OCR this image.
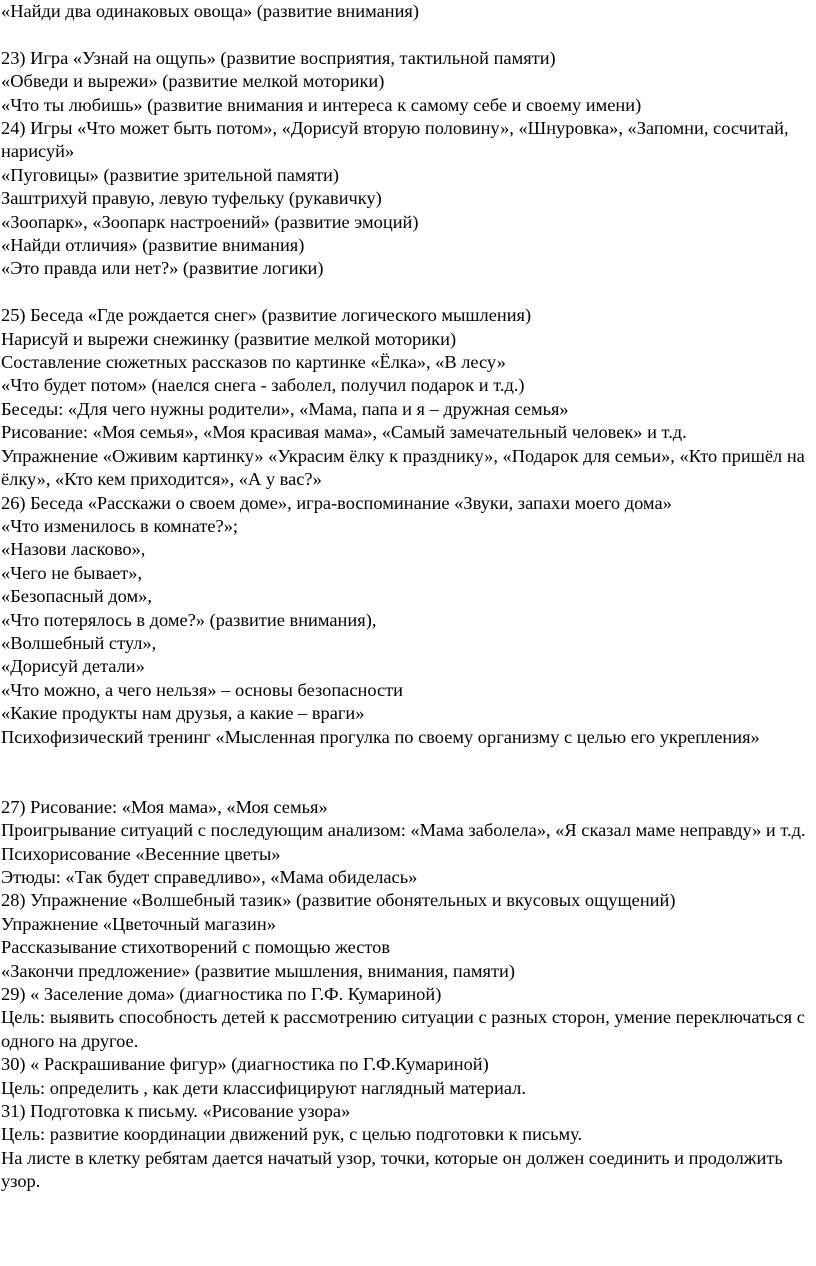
«Найди два одинаковых овоща» (развитие внимания)

23) Игра «Узнай на ощупь» (развитие восприятия, тактильной памяти)

«Обведи и вырежи» (развитие мелкой моторики)

«Что ты любишь» (развитие внимания и интереса к самому себе и своему имени)

24) Игры «Что может быть потом», «Дорисуй вторую половину», «Шнуровка», «Запомни, сосчитай, нарисуй»

«Пуговицы» (развитие зрительной памяти)

Заштрихуй правую, левую туфельку (рукавичку)

«Зоопарк», «Зоопарк настроений» (развитие эмоций)

«Найди отличия» (развитие внимания)

«Это правда или нет?» (развитие логики)

25) Беседа «Где рождается снег» (развитие логического мышления)

Нарисуй и вырежи снежинку (развитие мелкой моторики)

Составление сюжетных рассказов по картинке «Ёлка», «В лесу»

«Что будет потом» (наелся снега - заболел, получил подарок и т.д.)

Беседы: «Для чего нужны родители», «Мама, папа и я – дружная семья»

Рисование: «Моя семья», «Моя красивая мама», «Самый замечательный человек» и т.д.

Упражнение «Оживим картинку» «Украсим ёлку к празднику», «Подарок для семьи», «Кто пришёл на ёлку», «Кто кем приходится», «А у вас?»

26) Беседа «Расскажи о своем доме», игра-воспоминание «Звуки, запахи моего дома»

«Что изменилось в комнате?»;

«Назови ласково»,

«Чего не бывает»,

«Безопасный дом»,

«Что потерялось в доме?» (развитие внимания),

«Волшебный стул»,

«Дорисуй детали»

«Что можно, а чего нельзя» – основы безопасности

«Какие продукты нам друзья, а какие – враги»

Психофизический тренинг «Мысленная прогулка по своему организму с целью его укрепления»

27) Рисование: «Моя мама», «Моя семья»

Проигрывание ситуаций с последующим анализом: «Мама заболела», «Я сказал маме неправду» и т.д.

Психорисование «Весенние цветы»

Этюды: «Так будет справедливо», «Мама обиделась»

28) Упражнение «Волшебный тазик» (развитие обонятельных и вкусовых ощущений)

Упражнение «Цветочный магазин»

Рассказывание стихотворений с помощью жестов

«Закончи предложение» (развитие мышления, внимания, памяти)

29) « Заселение дома» (диагностика по Г.Ф. Кумариной)

Цель: выявить способность детей к рассмотрению ситуации с разных сторон, умение переключаться с одного на другое.

30) « Раскрашивание фигур» (диагностика по Г.Ф.Кумариной)

Цель: определить , как дети классифицируют наглядный материал.

31) Подготовка к письму. «Рисование узора»

Цель: развитие координации движений рук, с целью подготовки к письму.

На листе в клетку ребятам дается начатый узор, точки, которые он должен соединить и продолжить узор.
